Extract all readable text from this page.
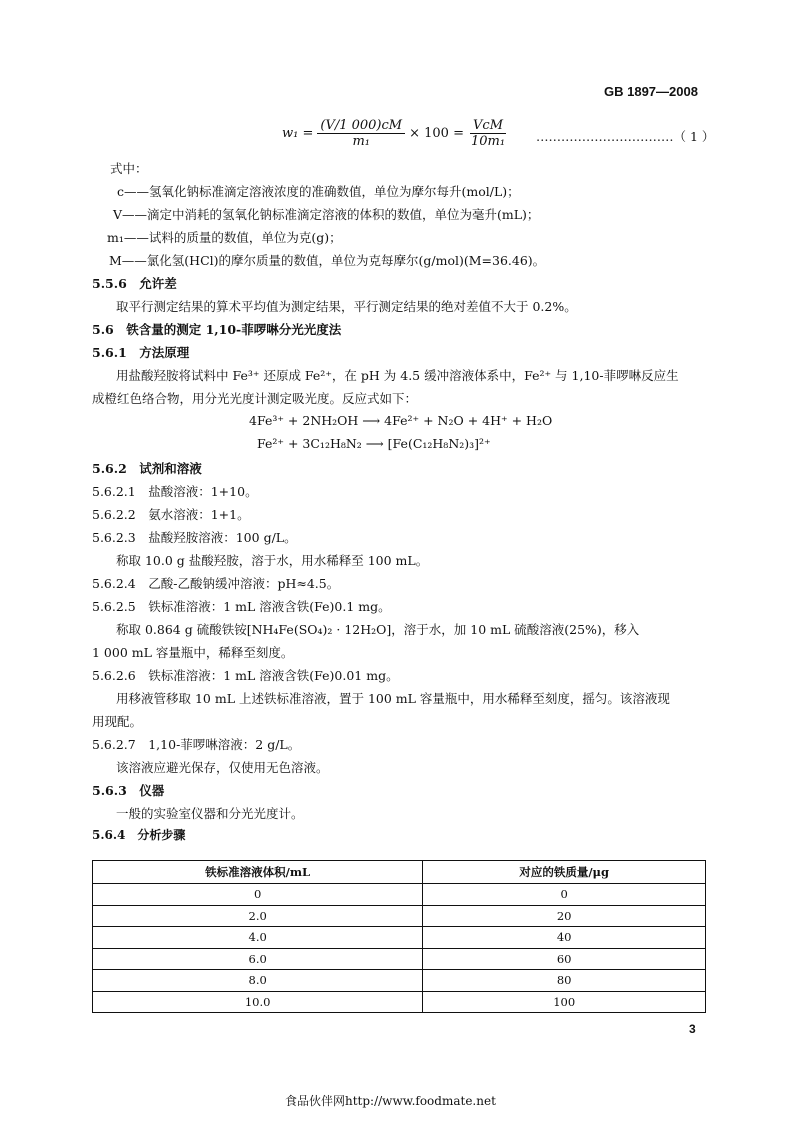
GB 1897—2008
$w_1 = \frac{(V/1 000)cM}{\text{m₁}} \times 100 = \frac{\text{VcM}}{\text{10m₁}}$ ……………………………（ 1 ）
式中：
c——氢氧化钠标准滴定溶液浓度的准确数值，单位为摩尔每升(mol/L)；
V——滴定中消耗的氢氧化钠标准滴定溶液的体积的数值，单位为毫升(mL)；
m₁——试料的质量的数值，单位为克(g)；
M——氯化氢(HCl)的摩尔质量的数值，单位为克每摩尔(g/mol)(M=36.46)。
5.5.6　允许差
取平行测定结果的算术平均值为测定结果，平行测定结果的绝对差值不大于 0.2%。
5.6　铁含量的测定 1,10-菲啰啉分光光度法
5.6.1　方法原理
用盐酸羟胺将试料中 Fe³⁺ 还原成 Fe²⁺，在 pH 为 4.5 缓冲溶液体系中，Fe²⁺ 与 1,10-菲啰啉反应生
成橙红色络合物，用分光光度计测定吸光度。反应式如下：
4Fe³⁺ + 2NH₂OH ⟶ 4Fe²⁺ + N₂O + 4H⁺ + H₂O
Fe²⁺ + 3C₁₂H₈N₂ ⟶ [Fe(C₁₂H₈N₂)₃]²⁺
5.6.2　试剂和溶液
5.6.2.1　盐酸溶液：1+10。
5.6.2.2　氨水溶液：1+1。
5.6.2.3　盐酸羟胺溶液：100 g/L。
称取 10.0 g 盐酸羟胺，溶于水，用水稀释至 100 mL。
5.6.2.4　乙酸-乙酸钠缓冲溶液：pH≈4.5。
5.6.2.5　铁标准溶液：1 mL 溶液含铁(Fe)0.1 mg。
称取 0.864 g 硫酸铁铵[NH₄Fe(SO₄)₂ · 12H₂O]，溶于水，加 10 mL 硫酸溶液(25%)，移入
1 000 mL 容量瓶中，稀释至刻度。
5.6.2.6　铁标准溶液：1 mL 溶液含铁(Fe)0.01 mg。
用移液管移取 10 mL 上述铁标准溶液，置于 100 mL 容量瓶中，用水稀释至刻度，摇匀。该溶液现
用现配。
5.6.2.7　1,10-菲啰啉溶液：2 g/L。
该溶液应避光保存，仅使用无色溶液。
5.6.3　仪器
一般的实验室仪器和分光光度计。
5.6.4　分析步骤
铁标准溶液体积/mL	对应的铁质量/μg
0	0
2.0	20
4.0	40
6.0	60
8.0	80
10.0	100
3
食品伙伴网http://www.foodmate.net
